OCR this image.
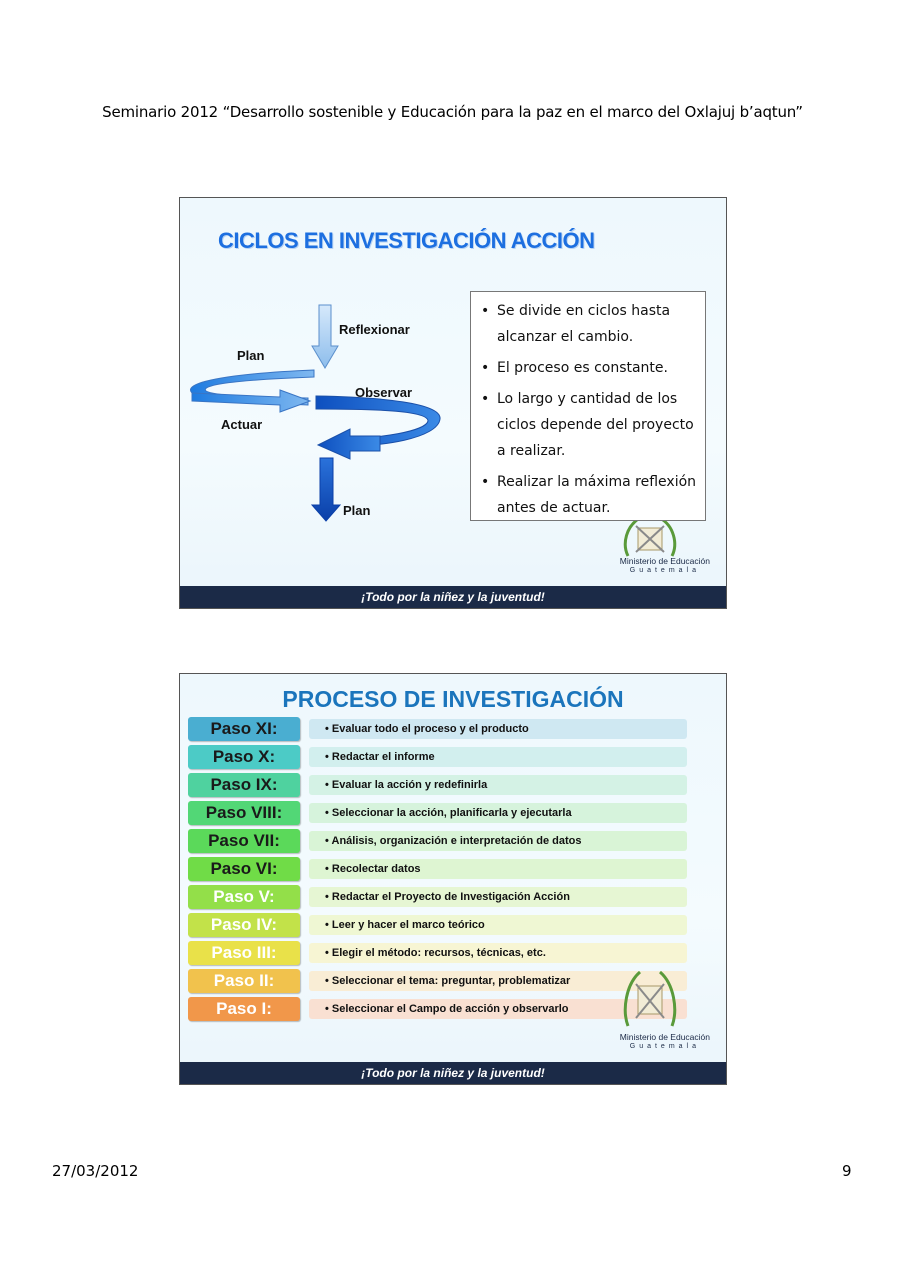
Seminario 2012 “Desarrollo sostenible y Educación para la paz en el marco del Oxlajuj b’aqtun”
CICLOS EN INVESTIGACIÓN ACCIÓN
Reflexionar
Plan
Observar
Actuar
Plan
Ministerio de Educación
Guatemala
• Se divide en ciclos hasta alcanzar el cambio.
• El proceso es constante.
• Lo largo y cantidad de los ciclos depende del proyecto a realizar.
• Realizar la máxima reflexión antes de actuar.
¡Todo por la niñez y la juventud!
PROCESO DE INVESTIGACIÓN
Paso XI:	• Evaluar todo el proceso y el producto
Paso X:	• Redactar el informe
Paso IX:	• Evaluar la acción y redefinirla
Paso VIII:	• Seleccionar la acción, planificarla y ejecutarla
Paso VII:	• Análisis, organización e interpretación de datos
Paso VI:	• Recolectar datos
Paso V:	• Redactar el Proyecto de Investigación Acción
Paso IV:	• Leer y hacer el marco teórico
Paso III:	• Elegir el método: recursos, técnicas, etc.
Paso II:	• Seleccionar el tema: preguntar, problematizar
Paso I:	• Seleccionar el Campo de acción y observarlo
Ministerio de Educación
Guatemala
¡Todo por la niñez y la juventud!
27/03/2012	9
